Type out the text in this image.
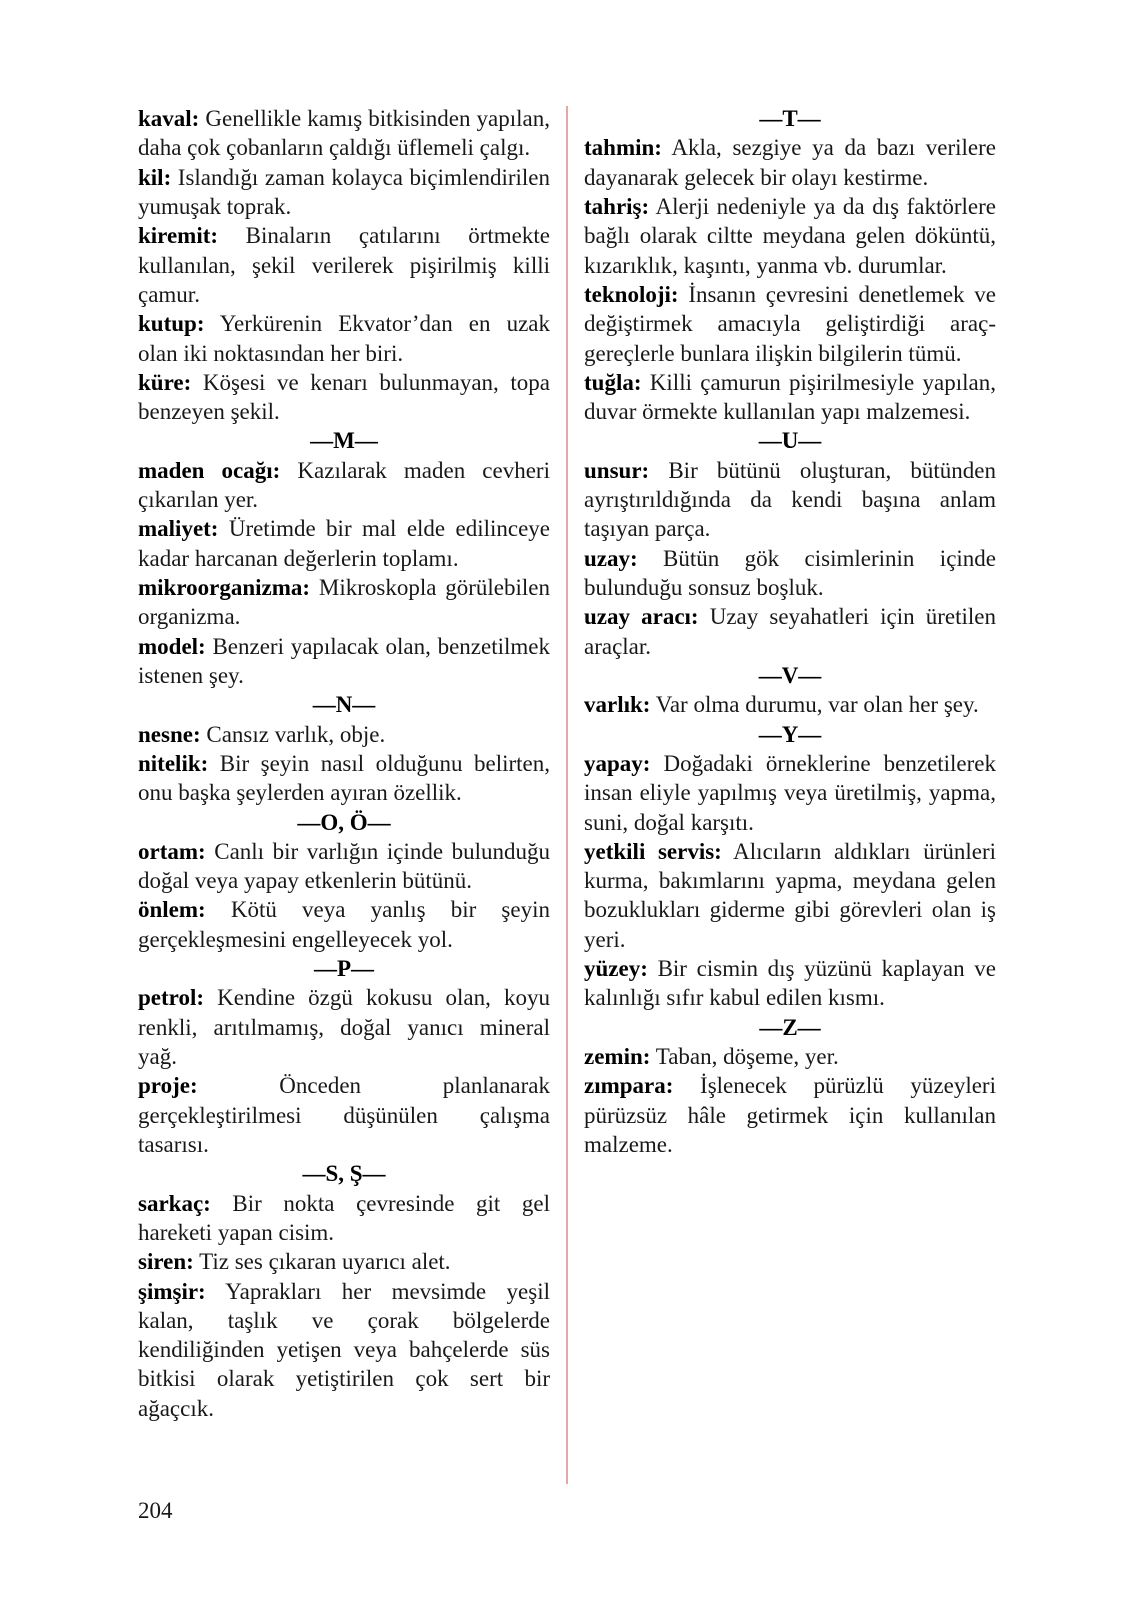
kaval: Genellikle kamış bitkisinden yapılan, daha çok çobanların çaldığı üflemeli çalgı.

kil: Islandığı zaman kolayca biçimlendirilen yumuşak toprak.

kiremit: Binaların çatılarını örtmekte kullanılan, şekil verilerek pişirilmiş killi çamur.

kutup: Yerkürenin Ekvator’dan en uzak olan iki noktasından her biri.

küre: Köşesi ve kenarı bulunmayan, topa benzeyen şekil.

—M—

maden ocağı: Kazılarak maden cevheri çıkarılan yer.

maliyet: Üretimde bir mal elde edilinceye kadar harcanan değerlerin toplamı.

mikroorganizma: Mikroskopla görülebilen organizma.

model: Benzeri yapılacak olan, benzetilmek istenen şey.

—N—

nesne: Cansız varlık, obje.

nitelik: Bir şeyin nasıl olduğunu belirten, onu başka şeylerden ayıran özellik.

—O, Ö—

ortam: Canlı bir varlığın içinde bulunduğu doğal veya yapay etkenlerin bütünü.

önlem: Kötü veya yanlış bir şeyin gerçekleşmesini engelleyecek yol.

—P—

petrol: Kendine özgü kokusu olan, koyu renkli, arıtılmamış, doğal yanıcı mineral yağ.

proje: Önceden planlanarak gerçekleştirilmesi düşünülen çalışma tasarısı.

—S, Ş—

sarkaç: Bir nokta çevresinde git gel hareketi yapan cisim.

siren: Tiz ses çıkaran uyarıcı alet.

şimşir: Yaprakları her mevsimde yeşil kalan, taşlık ve çorak bölgelerde kendiliğinden yetişen veya bahçelerde süs bitkisi olarak yetiştirilen çok sert bir ağaçcık.

—T—

tahmin: Akla, sezgiye ya da bazı verilere dayanarak gelecek bir olayı kestirme.

tahriş: Alerji nedeniyle ya da dış faktörlere bağlı olarak ciltte meydana gelen döküntü, kızarıklık, kaşıntı, yanma vb. durumlar.

teknoloji: İnsanın çevresini denetlemek ve değiştirmek amacıyla geliştirdiği araç-gereçlerle bunlara ilişkin bilgilerin tümü.

tuğla: Killi çamurun pişirilmesiyle yapılan, duvar örmekte kullanılan yapı malzemesi.

—U—

unsur: Bir bütünü oluşturan, bütünden ayrıştırıldığında da kendi başına anlam taşıyan parça.

uzay: Bütün gök cisimlerinin içinde bulunduğu sonsuz boşluk.

uzay aracı: Uzay seyahatleri için üretilen araçlar.

—V—

varlık: Var olma durumu, var olan her şey.

—Y—

yapay: Doğadaki örneklerine benzetilerek insan eliyle yapılmış veya üretilmiş, yapma, suni, doğal karşıtı.

yetkili servis: Alıcıların aldıkları ürünleri kurma, bakımlarını yapma, meydana gelen bozuklukları giderme gibi görevleri olan iş yeri.

yüzey: Bir cismin dış yüzünü kaplayan ve kalınlığı sıfır kabul edilen kısmı.

—Z—

zemin: Taban, döşeme, yer.

zımpara: İşlenecek pürüzlü yüzeyleri pürüzsüz hâle getirmek için kullanılan malzeme.

204
